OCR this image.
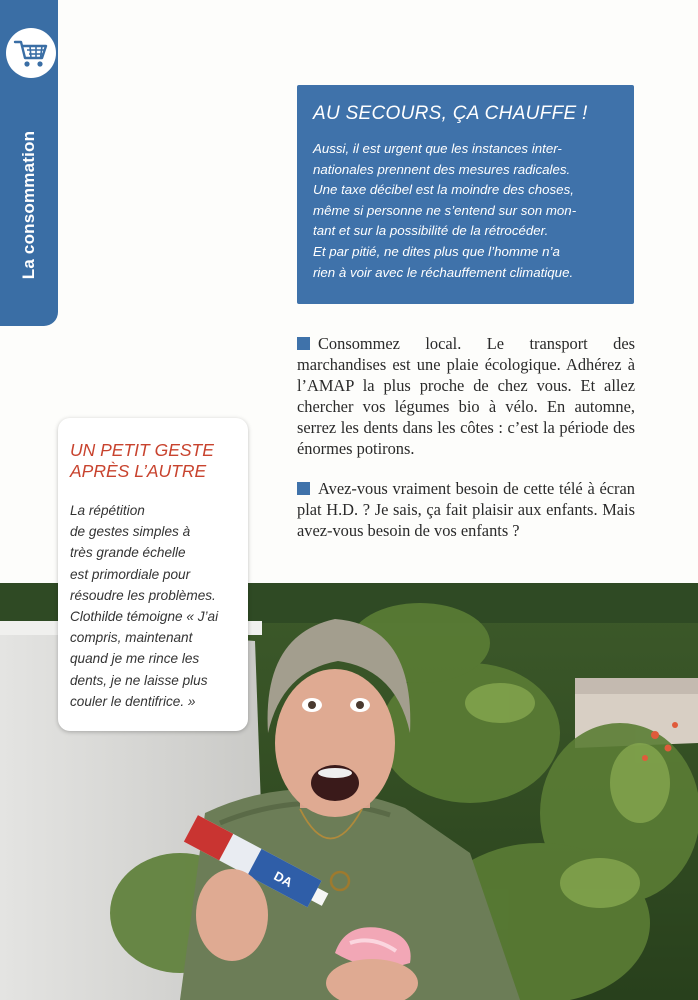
La consommation
AU SECOURS, ÇA CHAUFFE !

Aussi, il est urgent que les instances inter-
nationales prennent des mesures radicales.
Une taxe décibel est la moindre des choses,
même si personne ne s’entend sur son mon-
tant et sur la possibilité de la rétrocéder.
Et par pitié, ne dites plus que l’homme n’a
rien à voir avec le réchauffement climatique.

Consommez local. Le transport des marchandises est une plaie écologique. Adhérez à l’AMAP la plus proche de chez vous. Et allez chercher vos légumes bio à vélo. En automne, serrez les dents dans les côtes : c’est la période des énormes potirons.

Avez-vous vraiment besoin de cette télé à écran plat H.D. ? Je sais, ça fait plaisir aux enfants. Mais avez-vous besoin de vos enfants ?

DA
UN PETIT GESTE
APRÈS L’AUTRE

La répétition
de gestes simples à
très grande échelle
est primordiale pour
résoudre les problèmes.
Clothilde témoigne « J’ai
compris, maintenant
quand je me rince les
dents, je ne laisse plus
couler le dentifrice. »
